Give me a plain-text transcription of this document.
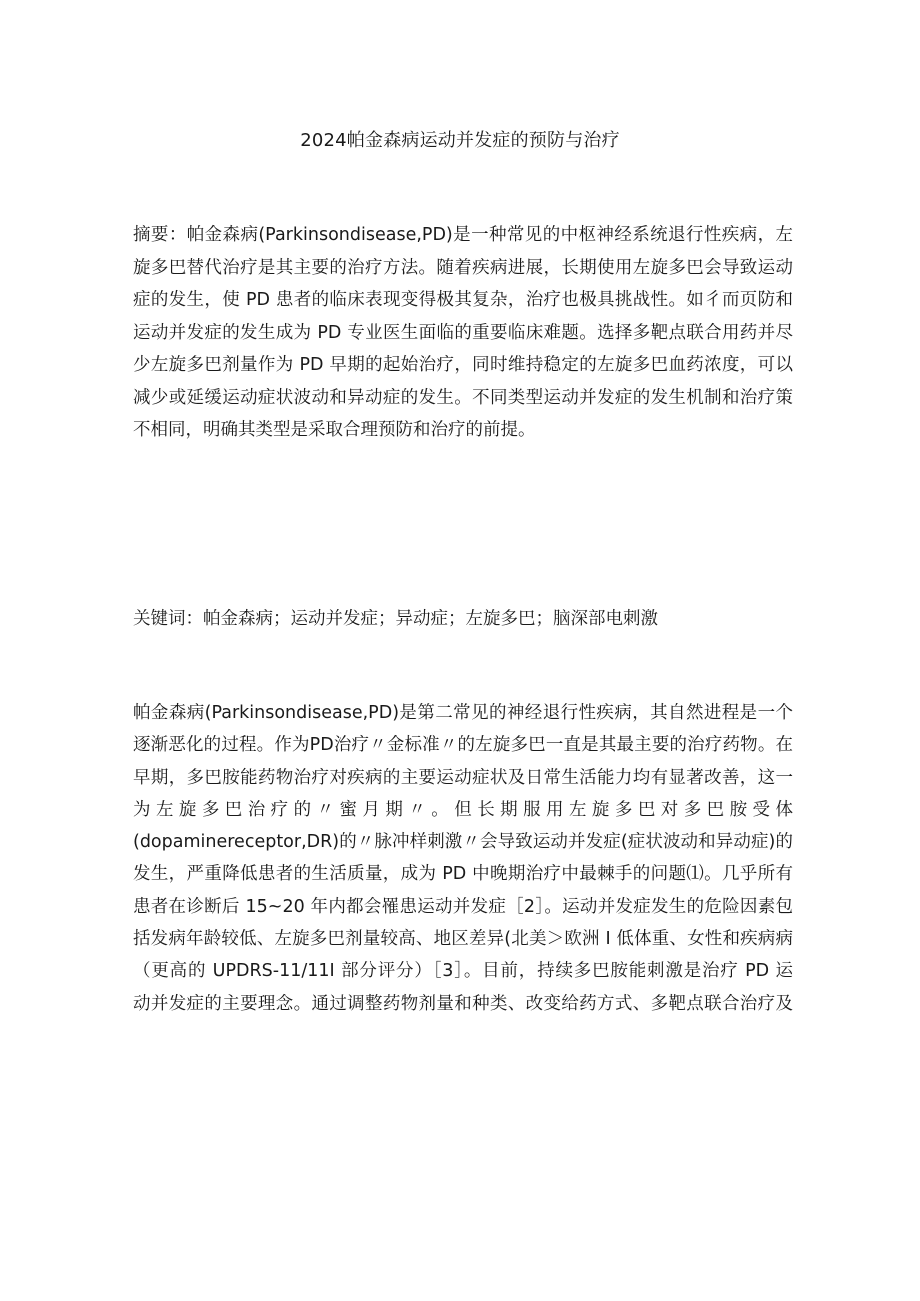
2024帕金森病运动并发症的预防与治疗
摘要：帕金森病(Parkinsondisease,PD)是一种常见的中枢神经系统退行性疾病，左
旋多巴替代治疗是其主要的治疗方法。随着疾病进展，长期使用左旋多巴会导致运动
症的发生，使 PD 患者的临床表现变得极其复杂，治疗也极具挑战性。如彳而页防和
运动并发症的发生成为 PD 专业医生面临的重要临床难题。选择多靶点联合用药并尽
少左旋多巴剂量作为 PD 早期的起始治疗，同时维持稳定的左旋多巴血药浓度，可以
减少或延缓运动症状波动和异动症的发生。不同类型运动并发症的发生机制和治疗策
不相同，明确其类型是采取合理预防和治疗的前提。
关键词：帕金森病；运动并发症；异动症；左旋多巴；脑深部电刺激
帕金森病(Parkinsondisease,PD)是第二常见的神经退行性疾病，其自然进程是一个
逐渐恶化的过程。作为PD治疗〃金标准〃的左旋多巴一直是其最主要的治疗药物。在
早期，多巴胺能药物治疗对疾病的主要运动症状及日常生活能力均有显著改善，这一
为左旋多巴治疗的〃蜜月期〃。但长期服用左旋多巴对多巴胺受体
(dopaminereceptor,DR)的〃脉冲样刺激〃会导致运动并发症(症状波动和异动症)的
发生，严重降低患者的生活质量，成为 PD 中晚期治疗中最棘手的问题⑴。几乎所有
患者在诊断后 15~20 年内都会罹患运动并发症［2］。运动并发症发生的危险因素包
括发病年龄较低、左旋多巴剂量较高、地区差异(北美＞欧洲 I 低体重、女性和疾病病
（更高的 UPDRS-11/11I 部分评分）［3］。目前，持续多巴胺能刺激是治疗 PD 运
动并发症的主要理念。通过调整药物剂量和种类、改变给药方式、多靶点联合治疗及
